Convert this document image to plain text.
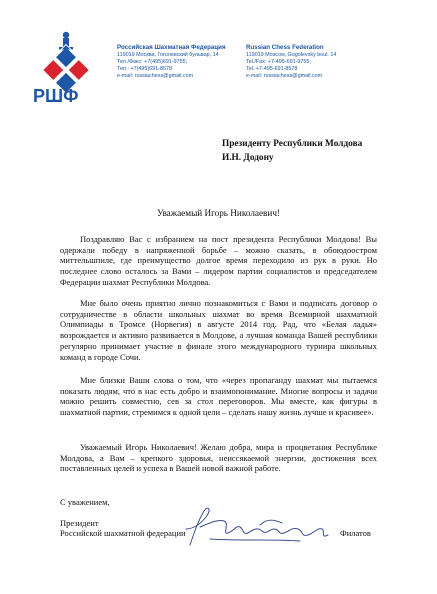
РШФ
Российская Шахматная Федерация
119019 Москва, Гоголевский бульвар, 14
Тел./Факс: +7(495)691-9755;
Тел.: +7(495)691-8578
e-mail: russiachess@gmail.com
Russian Chess Federation
119019 Moscow, Gogolevsky boul. 14
Tel./Fax: +7-495-691-9755;
Tel. +7-495-691-8578
e-mail: russiachess@gmail.com
Президенту Республики Молдова
И.Н. Додону
Уважаемый Игорь Николаевич!

Поздравляю Вас с избранием на пост президента Республики Молдова! Вы одержали победу в напряженной борьбе – можно сказать, в обоюдоостром миттельшпиле, где преимущество долгое время переходило из рук в руки. Но последнее слово осталось за Вами – лидером партии социалистов и председателем Федерации шахмат Республики Молдова.

Мне было очень приятно лично познакомиться с Вами и подписать договор о сотрудничестве в области школьных шахмат во время Всемирной шахматной Олимпиады в Тромсе (Норвегия) в августе 2014 год. Рад, что «Белая ладья» возрождается и активно развивается в Молдове, а лучшая команда Вашей республики регулярно принимает участие в финале этого международного турнира школьных команд в городе Сочи.

Мне близки Ваши слова о том, что «через пропаганду шахмат мы пытаемся показать людям, что в нас есть добро и взаимопонимание. Многие вопросы и задачи можно решить совместно, сев за стол переговоров. Мы вместе, как фигуры в шахматной партии, стремимся к одной цели – сделать нашу жизнь лучше и красивее».

Уважаемый Игорь Николаевич! Желаю добра, мира и процветания Республике Молдова, а Вам – крепкого здоровья, неиссякаемой энергии, достижения всех поставленных целей и успеха в Вашей новой важной работе.

С уважением,
Президент
Российской шахматной федерации	Филатов
